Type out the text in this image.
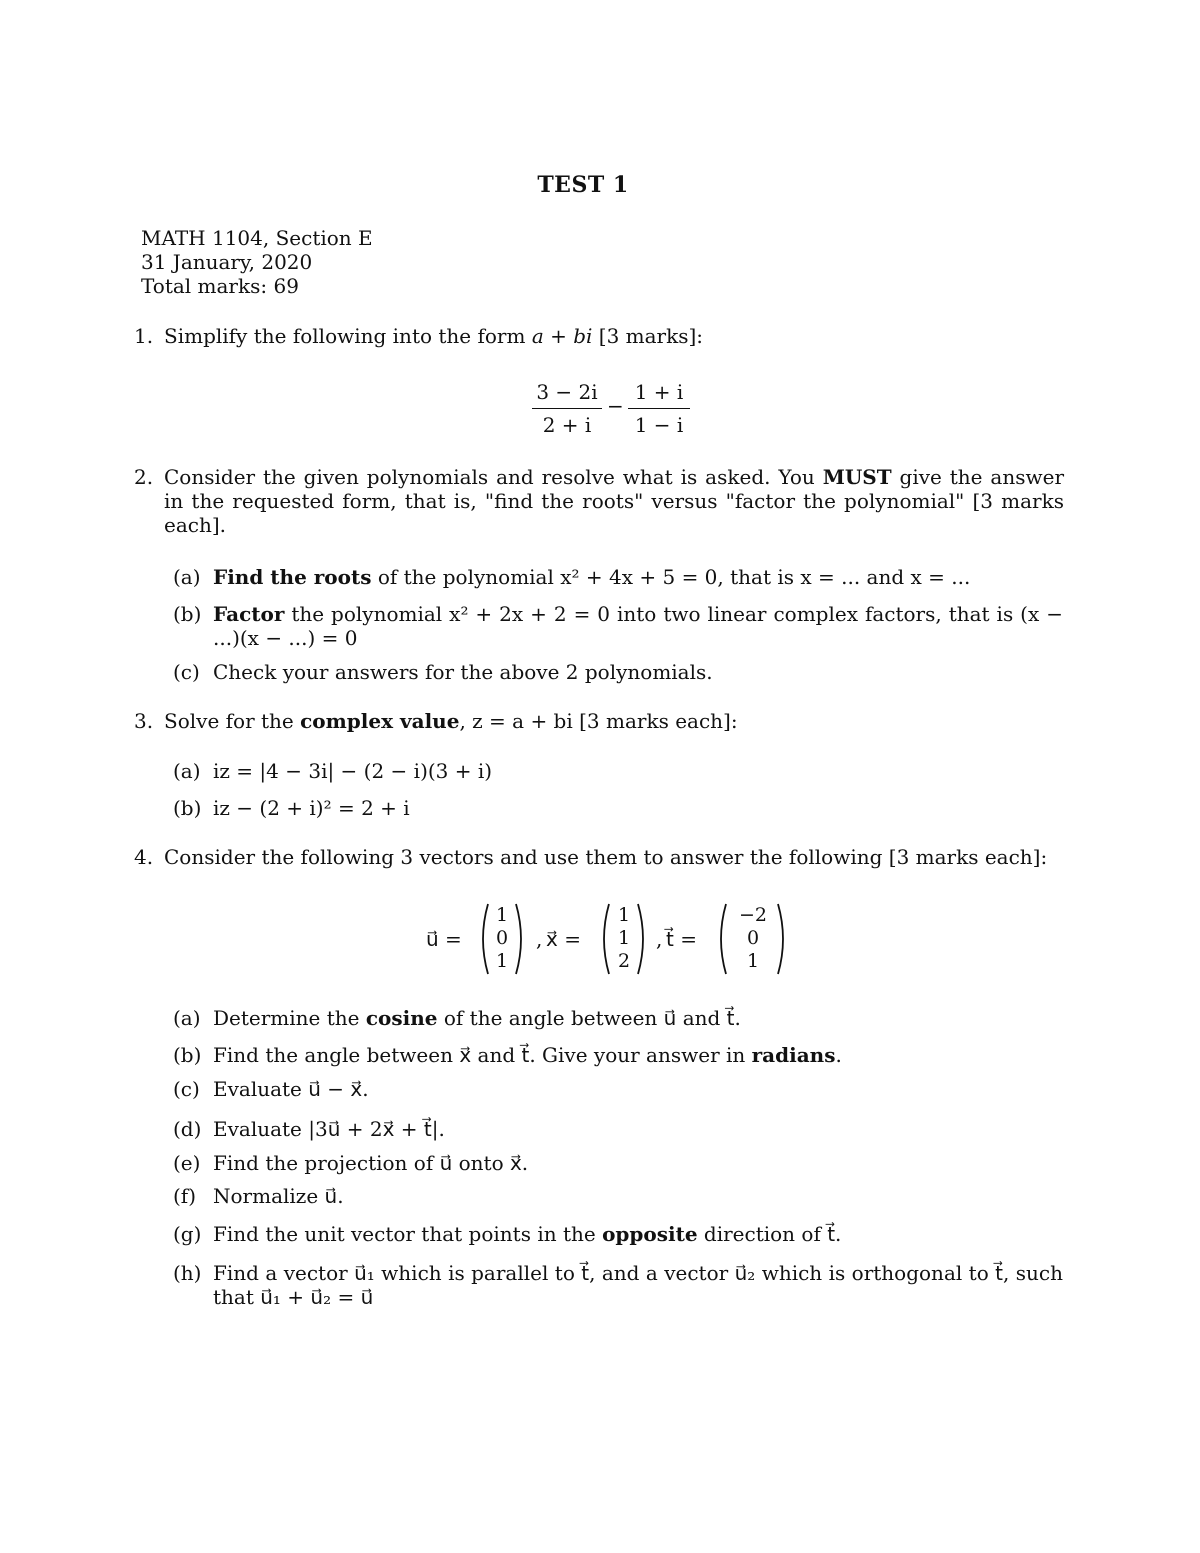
TEST 1
MATH 1104, Section E
31 January, 2020
Total marks: 69
1. Simplify the following into the form a + bi [3 marks]:
3 − 2i
2 + i
−
1 + i
1 − i
2. Consider the given polynomials and resolve what is asked. You MUST give the answer in the requested form, that is, "find the roots" versus "factor the polynomial" [3 marks each].
(a) Find the roots of the polynomial x² + 4x + 5 = 0, that is x = ... and x = ...
(b) Factor the polynomial x² + 2x + 2 = 0 into two linear complex factors, that is (x − ...)(x − ...) = 0
(c) Check your answers for the above 2 polynomials.
3. Solve for the complex value, z = a + bi [3 marks each]:
(a) iz = |4 − 3i| − (2 − i)(3 + i)
(b) iz − (2 + i)² = 2 + i
4. Consider the following 3 vectors and use them to answer the following [3 marks each]:
u⃗ =
1
0
1
, x⃗ =
1
1
2
, t⃗ =
−2
0
1
(a) Determine the cosine of the angle between u⃗ and t⃗.
(b) Find the angle between x⃗ and t⃗. Give your answer in radians.
(c) Evaluate u⃗ − x⃗.
(d) Evaluate |3u⃗ + 2x⃗ + t⃗|.
(e) Find the projection of u⃗ onto x⃗.
(f) Normalize u⃗.
(g) Find the unit vector that points in the opposite direction of t⃗.
(h) Find a vector u⃗₁ which is parallel to t⃗, and a vector u⃗₂ which is orthogonal to t⃗, such that u⃗₁ + u⃗₂ = u⃗
